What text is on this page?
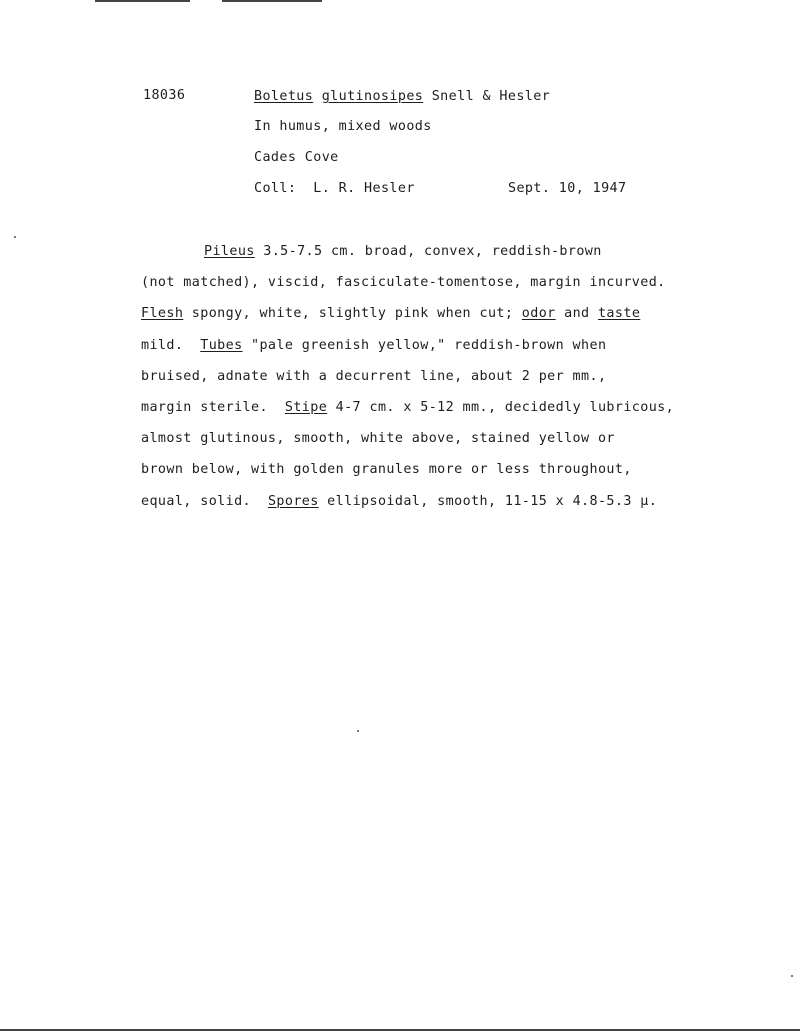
18036	Boletus glutinosipes Snell & Hesler
In humus, mixed woods
Cades Cove
Coll: L. R. Hesler	Sept. 10, 1947
Pileus 3.5-7.5 cm. broad, convex, reddish-brown
(not matched), viscid, fasciculate-tomentose, margin incurved.
Flesh spongy, white, slightly pink when cut; odor and taste
mild.  Tubes "pale greenish yellow," reddish-brown when
bruised, adnate with a decurrent line, about 2 per mm.,
margin sterile.  Stipe 4-7 cm. x 5-12 mm., decidedly lubricous,
almost glutinous, smooth, white above, stained yellow or
brown below, with golden granules more or less throughout,
equal, solid.  Spores ellipsoidal, smooth, 11-15 x 4.8-5.3 μ.
